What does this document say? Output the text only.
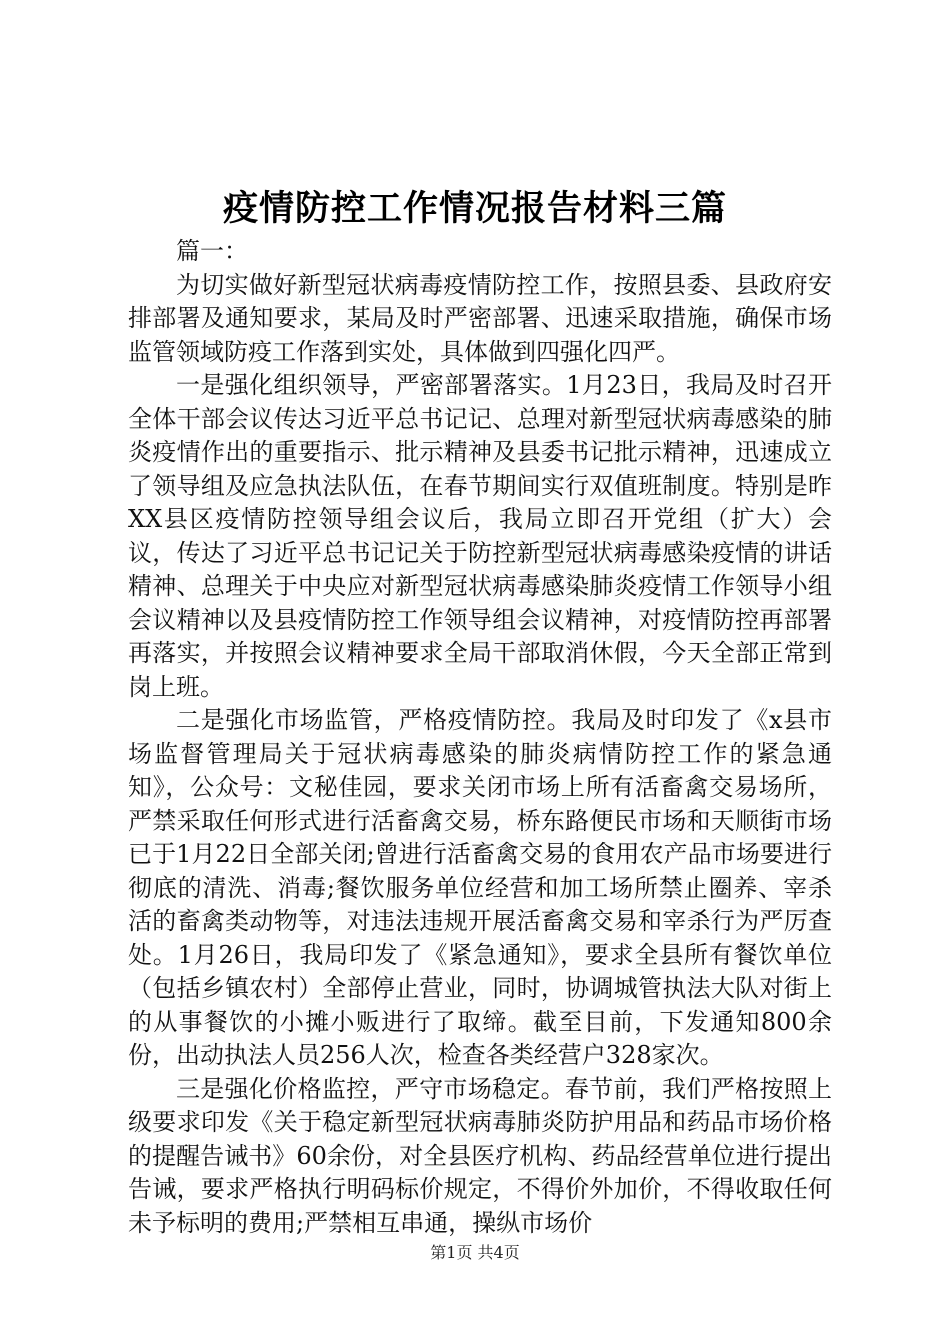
疫情防控工作情况报告材料三篇

篇一：

为切实做好新型冠状病毒疫情防控工作，按照县委、县政府安排部署及通知要求，某局及时严密部署、迅速采取措施，确保市场监管领域防疫工作落到实处，具体做到四强化四严。

一是强化组织领导，严密部署落实。1月23日，我局及时召开全体干部会议传达习近平总书记记、总理对新型冠状病毒感染的肺炎疫情作出的重要指示、批示精神及县委书记批示精神，迅速成立了领导组及应急执法队伍，在春节期间实行双值班制度。特别是昨XX县区疫情防控领导组会议后，我局立即召开党组（扩大）会议，传达了习近平总书记记关于防控新型冠状病毒感染疫情的讲话精神、总理关于中央应对新型冠状病毒感染肺炎疫情工作领导小组会议精神以及县疫情防控工作领导组会议精神，对疫情防控再部署再落实，并按照会议精神要求全局干部取消休假，今天全部正常到岗上班。

二是强化市场监管，严格疫情防控。我局及时印发了《x县市场监督管理局关于冠状病毒感染的肺炎病情防控工作的紧急通知》，公众号：文秘佳园，要求关闭市场上所有活畜禽交易场所，严禁采取任何形式进行活畜禽交易，桥东路便民市场和天顺街市场已于1月22日全部关闭;曾进行活畜禽交易的食用农产品市场要进行彻底的清洗、消毒;餐饮服务单位经营和加工场所禁止圈养、宰杀活的畜禽类动物等，对违法违规开展活畜禽交易和宰杀行为严厉查处。1月26日，我局印发了《紧急通知》，要求全县所有餐饮单位（包括乡镇农村）全部停止营业，同时，协调城管执法大队对街上的从事餐饮的小摊小贩进行了取缔。截至目前，下发通知800余份，出动执法人员256人次，检查各类经营户328家次。

三是强化价格监控，严守市场稳定。春节前，我们严格按照上级要求印发《关于稳定新型冠状病毒肺炎防护用品和药品市场价格的提醒告诫书》60余份，对全县医疗机构、药品经营单位进行提出告诫，要求严格执行明码标价规定，不得价外加价，不得收取任何未予标明的费用;严禁相互串通，操纵市场价

第1页 共4页
